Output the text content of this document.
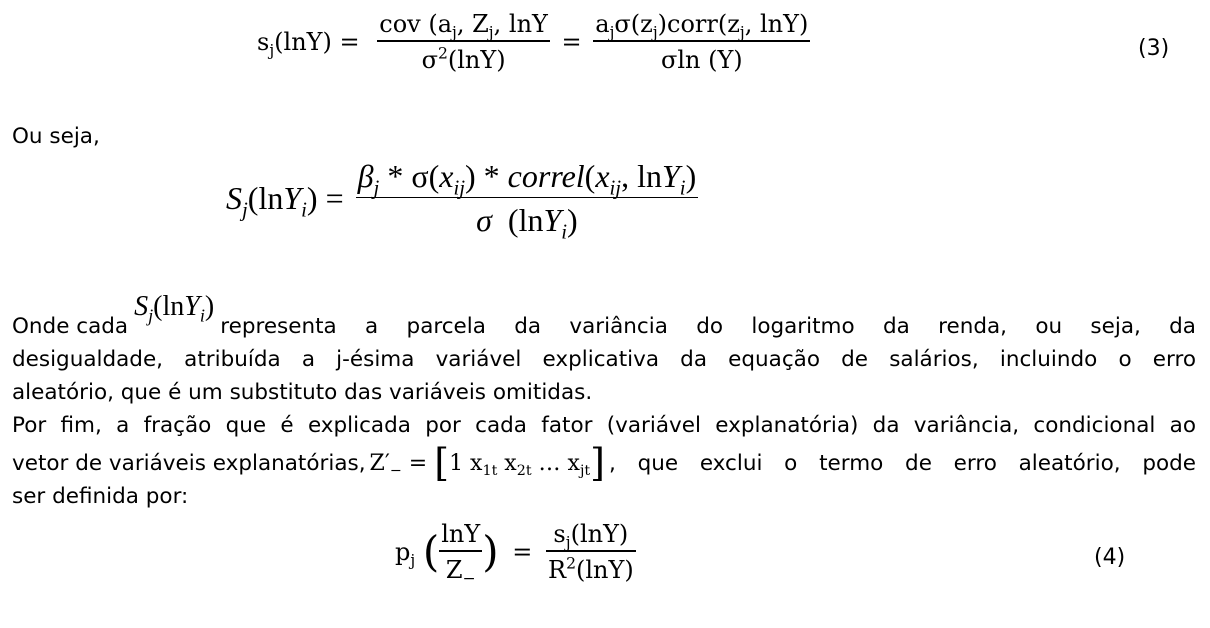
$s_j(\ln Y) = \frac{cov (a_j, Z_j, \ln Y}{\sigma^2(\ln Y)} = \frac{a_j\sigma(z_j)corr(z_j, \ln Y)}{\sigma\ln (Y)}$	(3)
Ou seja,
$S_j(\ln Y_i) = \frac{\beta_j * \sigma(x_{ij}) * correl(x_{ij}, \ln Y_i)}{\sigma (\ln Y_i)}$
Onde cada
$S_j(\ln Y_i)$
representa a parcela da variância do logaritmo da renda, ou seja, da
desigualdade, atribuída a j-ésima variável explicativa da equação de salários, incluindo o erro
aleatório, que é um substituto das variáveis omitidas.
Por fim, a fração que é explicada por cada fator (variável explanatória) da variância, condicional ao
vetor de variáveis explanatórias, $Z'_- = [1$ $x_{1t}$ $x_{2t}$ … $x_{jt}$] , que exclui o termo de erro aleatório, pode
ser definida por:
$p_j$ ( $\frac{\ln Y}{Z_-}$ ) = $\frac{s_j(\ln Y)}{R^2(\ln Y)}$	(4)
